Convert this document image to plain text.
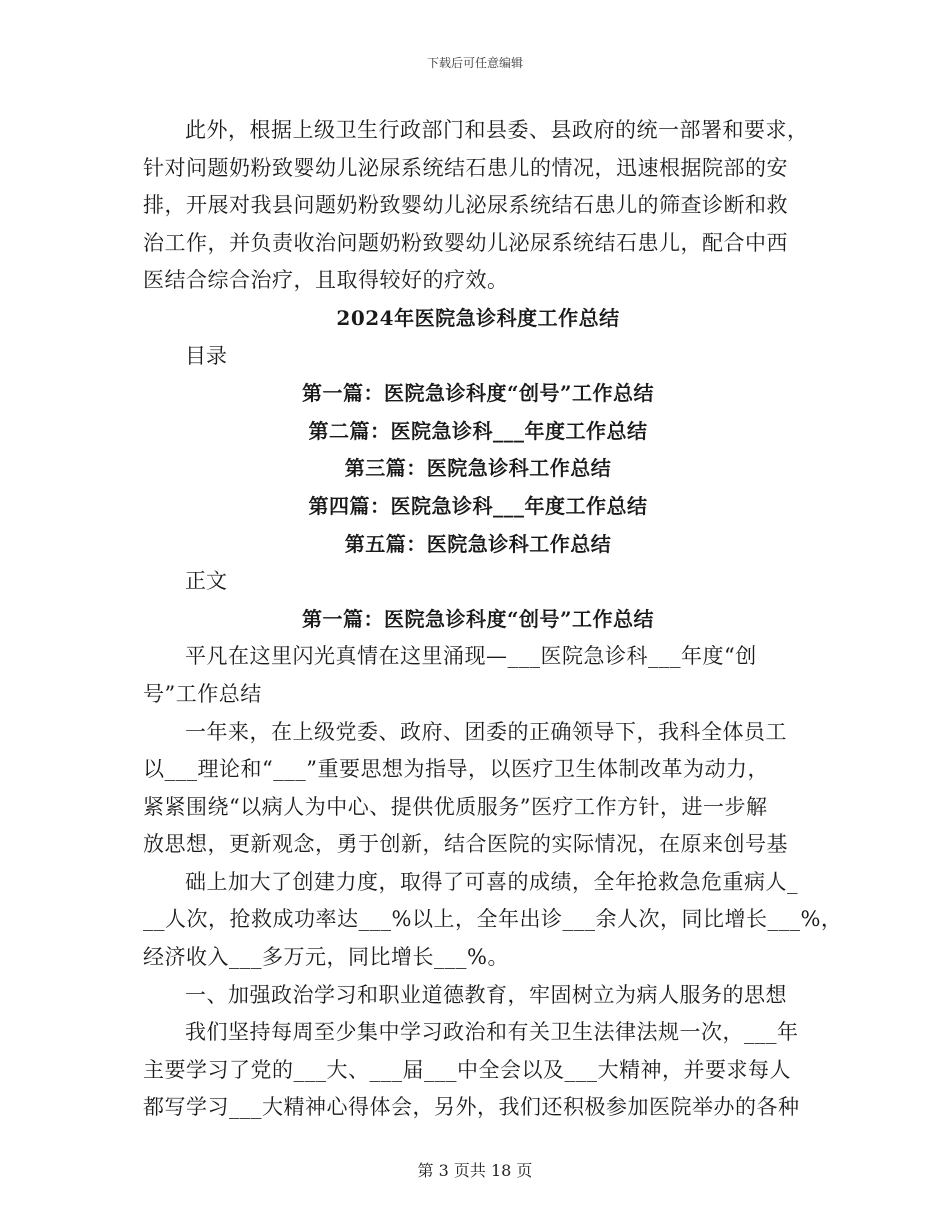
下载后可任意编辑

此外，根据上级卫生行政部门和县委、县政府的统一部署和要求，

针对问题奶粉致婴幼儿泌尿系统结石患儿的情况，迅速根据院部的安

排，开展对我县问题奶粉致婴幼儿泌尿系统结石患儿的筛查诊断和救

治工作，并负责收治问题奶粉致婴幼儿泌尿系统结石患儿，配合中西

医结合综合治疗，且取得较好的疗效。

2024年医院急诊科度工作总结

目录

第一篇：医院急诊科度“创号”工作总结

第二篇：医院急诊科___年度工作总结

第三篇：医院急诊科工作总结

第四篇：医院急诊科___年度工作总结

第五篇：医院急诊科工作总结

正文

第一篇：医院急诊科度“创号”工作总结

平凡在这里闪光真情在这里涌现—___医院急诊科___年度“创

号”工作总结

一年来，在上级党委、政府、团委的正确领导下，我科全体员工

以___理论和“___”重要思想为指导，以医疗卫生体制改革为动力，

紧紧围绕“以病人为中心、提供优质服务”医疗工作方针，进一步解

放思想，更新观念，勇于创新，结合医院的实际情况，在原来创号基

础上加大了创建力度，取得了可喜的成绩，全年抢救急危重病人_

__人次，抢救成功率达___%以上，全年出诊___余人次，同比增长___%，

经济收入___多万元，同比增长___%。

一、加强政治学习和职业道德教育，牢固树立为病人服务的思想

我们坚持每周至少集中学习政治和有关卫生法律法规一次，___年

主要学习了党的___大、___届___中全会以及___大精神，并要求每人

都写学习___大精神心得体会，另外，我们还积极参加医院举办的各种

第 3 页共 18 页
